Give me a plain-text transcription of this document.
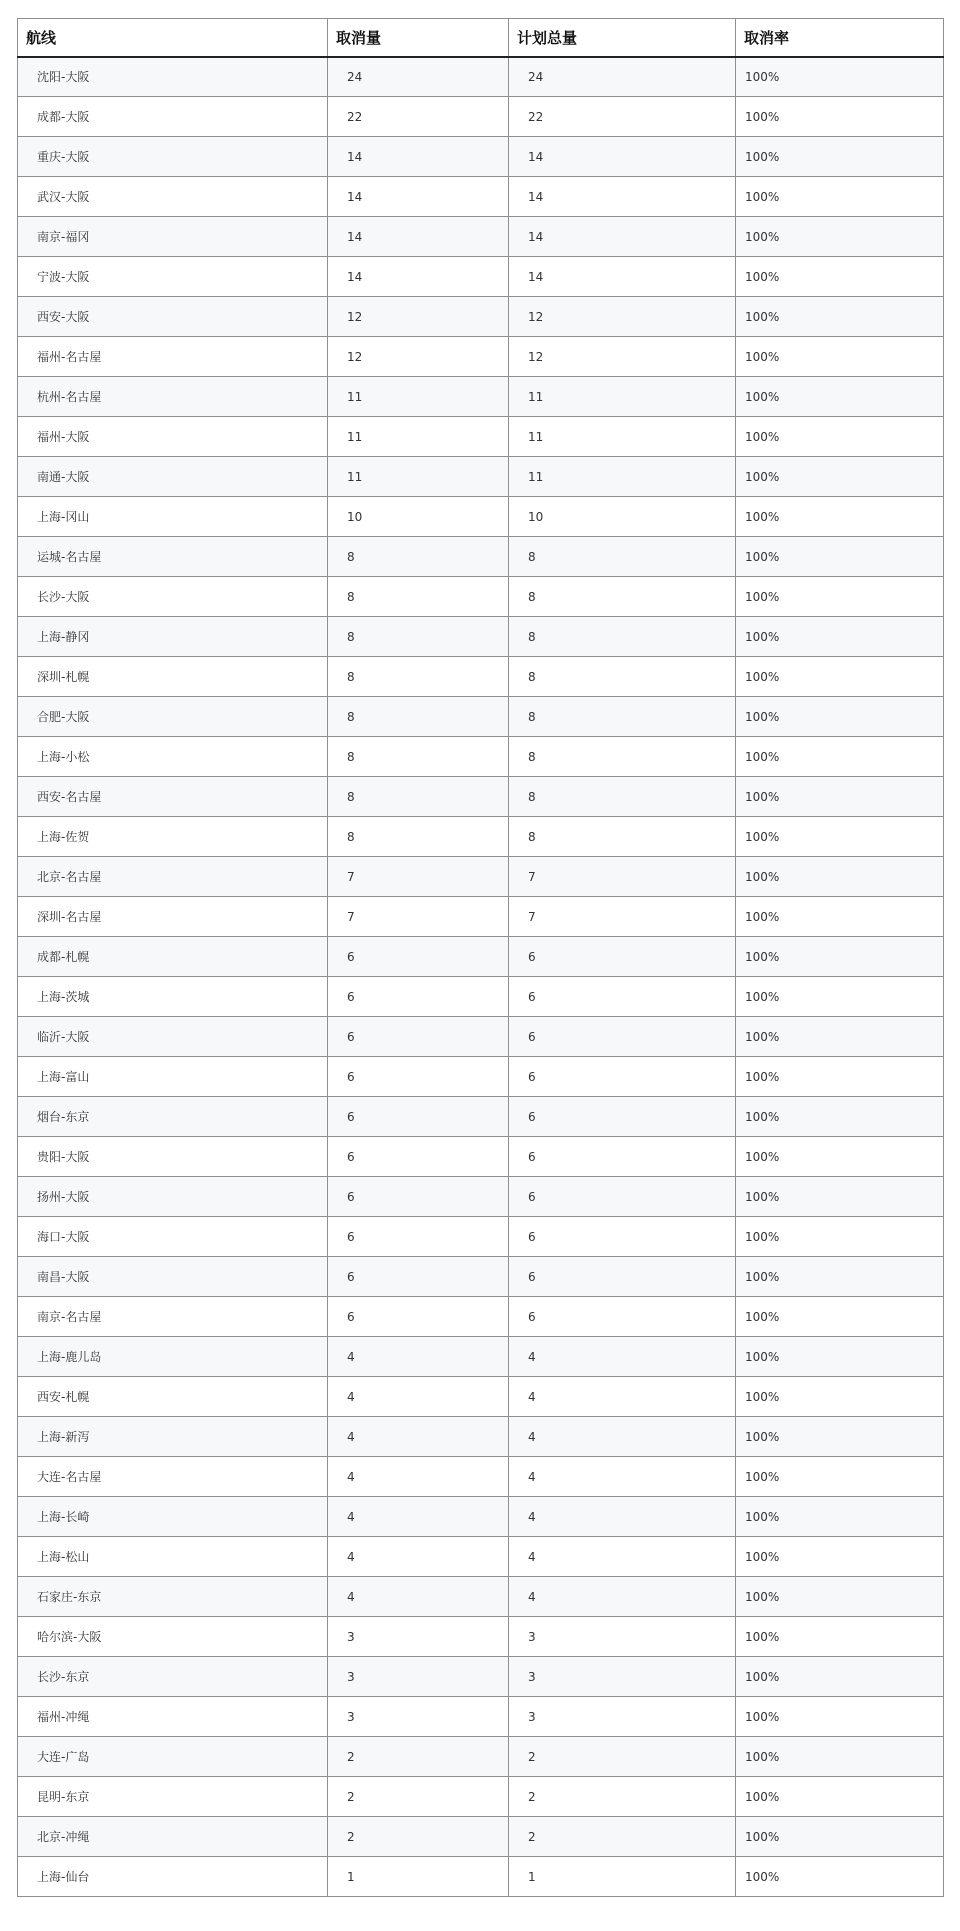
航线	取消量	计划总量	取消率
沈阳-大阪	24	24	100%
成都-大阪	22	22	100%
重庆-大阪	14	14	100%
武汉-大阪	14	14	100%
南京-福冈	14	14	100%
宁波-大阪	14	14	100%
西安-大阪	12	12	100%
福州-名古屋	12	12	100%
杭州-名古屋	11	11	100%
福州-大阪	11	11	100%
南通-大阪	11	11	100%
上海-冈山	10	10	100%
运城-名古屋	8	8	100%
长沙-大阪	8	8	100%
上海-静冈	8	8	100%
深圳-札幌	8	8	100%
合肥-大阪	8	8	100%
上海-小松	8	8	100%
西安-名古屋	8	8	100%
上海-佐贺	8	8	100%
北京-名古屋	7	7	100%
深圳-名古屋	7	7	100%
成都-札幌	6	6	100%
上海-茨城	6	6	100%
临沂-大阪	6	6	100%
上海-富山	6	6	100%
烟台-东京	6	6	100%
贵阳-大阪	6	6	100%
扬州-大阪	6	6	100%
海口-大阪	6	6	100%
南昌-大阪	6	6	100%
南京-名古屋	6	6	100%
上海-鹿儿岛	4	4	100%
西安-札幌	4	4	100%
上海-新泻	4	4	100%
大连-名古屋	4	4	100%
上海-长崎	4	4	100%
上海-松山	4	4	100%
石家庄-东京	4	4	100%
哈尔滨-大阪	3	3	100%
长沙-东京	3	3	100%
福州-冲绳	3	3	100%
大连-广岛	2	2	100%
昆明-东京	2	2	100%
北京-冲绳	2	2	100%
上海-仙台	1	1	100%
